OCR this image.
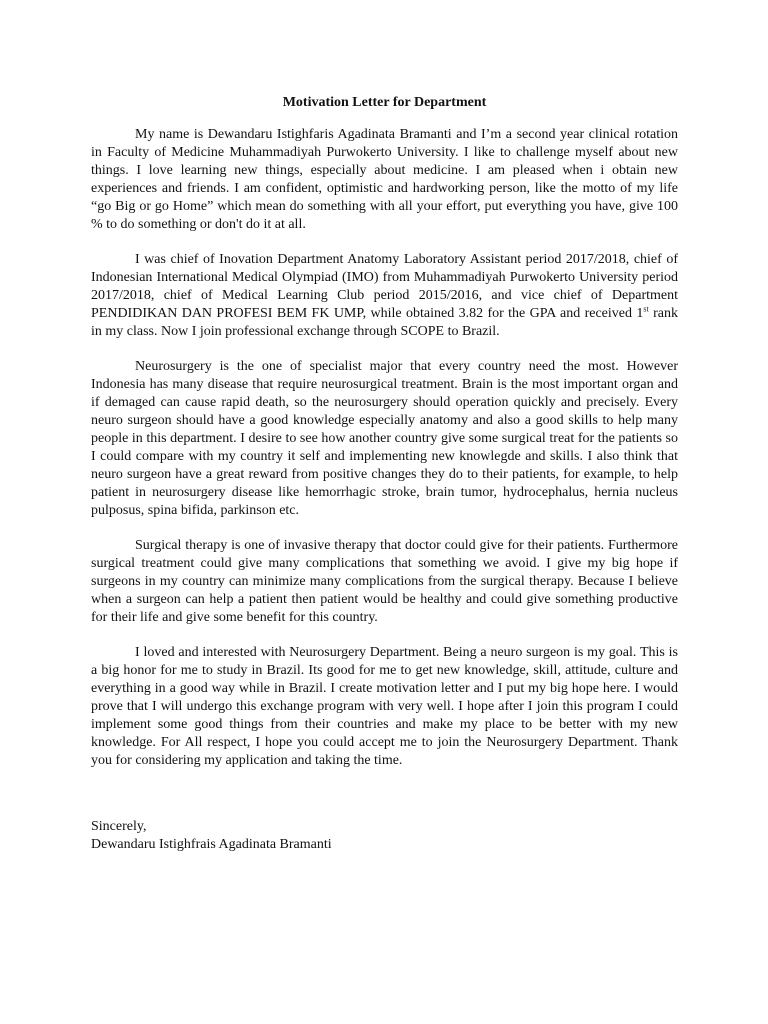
Motivation Letter for Department

My name is Dewandaru Istighfaris Agadinata Bramanti and I’m a second year clinical rotation in Faculty of Medicine Muhammadiyah Purwokerto University. I like to challenge myself about new things. I love learning new things, especially about medicine. I am pleased when i obtain new experiences and friends. I am confident, optimistic and hardworking person, like the motto of my life “go Big or go Home” which mean do something with all your effort, put everything you have, give 100 % to do something or don't do it at all.

I was chief of Inovation Department Anatomy Laboratory Assistant period 2017/2018, chief of Indonesian International Medical Olympiad (IMO) from Muhammadiyah Purwokerto University period 2017/2018, chief of Medical Learning Club period 2015/2016, and vice chief of Department PENDIDIKAN DAN PROFESI BEM FK UMP, while obtained 3.82 for the GPA and received 1st rank in my class. Now I join professional exchange through SCOPE to Brazil.

Neurosurgery is the one of specialist major that every country need the most. However Indonesia has many disease that require neurosurgical treatment. Brain is the most important organ and if demaged can cause rapid death, so the neurosurgery should operation quickly and precisely. Every neuro surgeon should have a good knowledge especially anatomy and also a good skills to help many people in this department. I desire to see how another country give some surgical treat for the patients so I could compare with my country it self and implementing new knowlegde and skills. I also think that neuro surgeon have a great reward from positive changes they do to their patients, for example, to help patient in neurosurgery disease like hemorrhagic stroke, brain tumor, hydrocephalus, hernia nucleus pulposus, spina bifida, parkinson etc.

Surgical therapy is one of invasive therapy that doctor could give for their patients. Furthermore surgical treatment could give many complications that something we avoid. I give my big hope if surgeons in my country can minimize many complications from the surgical therapy. Because I believe when a surgeon can help a patient then patient would be healthy and could give something productive for their life and give some benefit for this country.

I loved and interested with Neurosurgery Department. Being a neuro surgeon is my goal. This is a big honor for me to study in Brazil. Its good for me to get new knowledge, skill, attitude, culture and everything in a good way while in Brazil. I create motivation letter and I put my big hope here. I would prove that I will undergo this exchange program with very well. I hope after I join this program I could implement some good things from their countries and make my place to be better with my new knowledge. For All respect, I hope you could accept me to join the Neurosurgery Department. Thank you for considering my application and taking the time.

Sincerely,
Dewandaru Istighfrais Agadinata Bramanti
